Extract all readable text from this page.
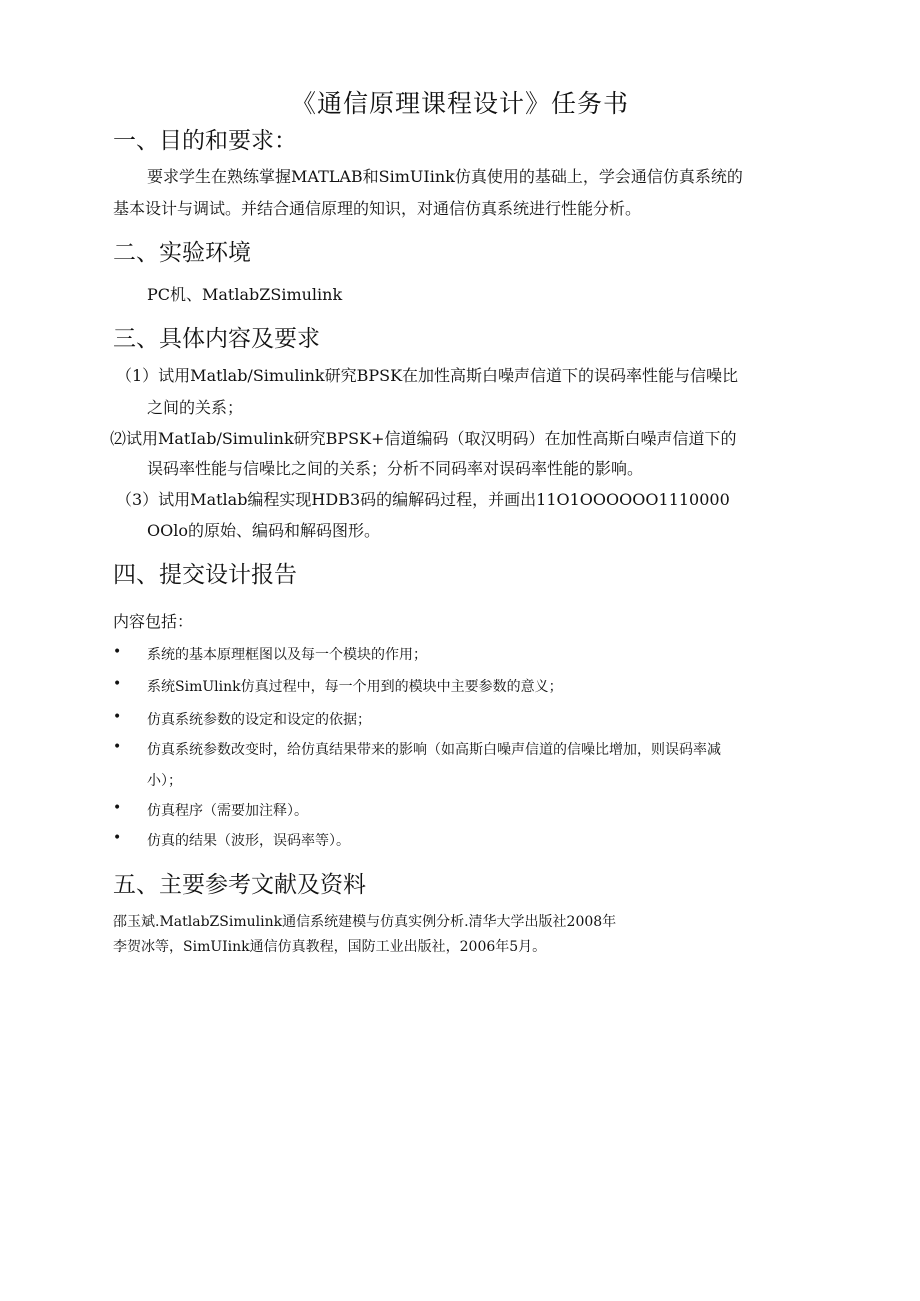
《通信原理课程设计》任务书
一、目的和要求：
要求学生在熟练掌握MATLAB和SimUIink仿真使用的基础上，学会通信仿真系统的
基本设计与调试。并结合通信原理的知识，对通信仿真系统进行性能分析。
二、实验环境
PC机、MatlabZSimulink
三、具体内容及要求
（1）试用Matlab/Simulink研究BPSK在加性高斯白噪声信道下的误码率性能与信噪比
之间的关系；
⑵试用MatIab/Simulink研究BPSK+信道编码（取汉明码）在加性高斯白噪声信道下的
误码率性能与信噪比之间的关系；分析不同码率对误码率性能的影响。
（3）试用Matlab编程实现HDB3码的编解码过程，并画出11O1OOOOOO1110000
OOlo的原始、编码和解码图形。
四、提交设计报告
内容包括：
• 系统的基本原理框图以及每一个模块的作用；
• 系统SimUlink仿真过程中，每一个用到的模块中主要参数的意义；
• 仿真系统参数的设定和设定的依据；
• 仿真系统参数改变时，给仿真结果带来的影响（如高斯白噪声信道的信噪比增加，则误码率减
小）；
• 仿真程序（需要加注释）。
• 仿真的结果（波形，误码率等）。
五、主要参考文献及资料
邵玉斌.MatlabZSimulink通信系统建模与仿真实例分析.清华大学出版社2008年
李贺冰等，SimUIink通信仿真教程，国防工业出版社，2006年5月。
